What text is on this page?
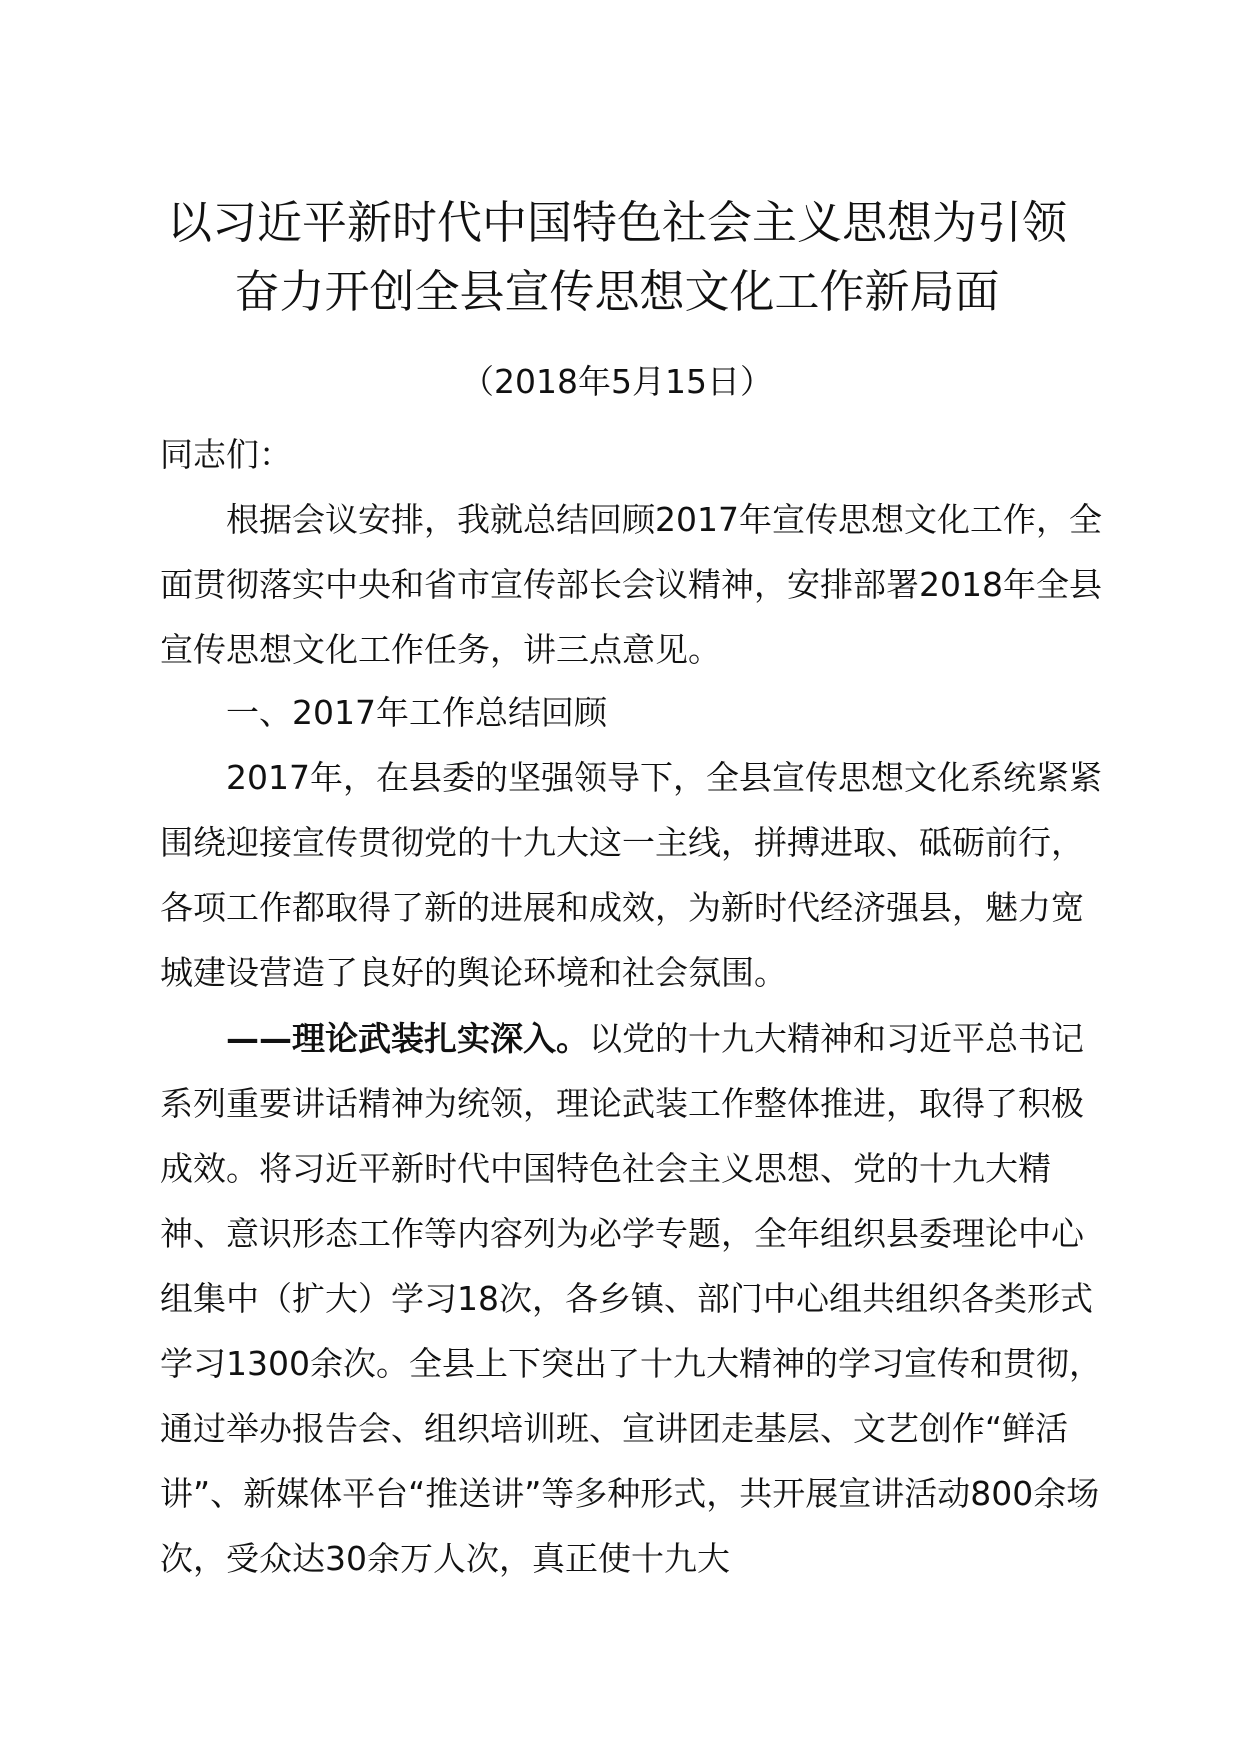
以习近平新时代中国特色社会主义思想为引领
奋力开创全县宣传思想文化工作新局面
（2018年5月15日）

同志们：

根据会议安排，我就总结回顾2017年宣传思想文化工作，全面贯彻落实中央和省市宣传部长会议精神，安排部署2018年全县宣传思想文化工作任务，讲三点意见。

一、2017年工作总结回顾

2017年，在县委的坚强领导下，全县宣传思想文化系统紧紧围绕迎接宣传贯彻党的十九大这一主线，拼搏进取、砥砺前行，各项工作都取得了新的进展和成效，为新时代经济强县，魅力宽城建设营造了良好的舆论环境和社会氛围。

——理论武装扎实深入。以党的十九大精神和习近平总书记系列重要讲话精神为统领，理论武装工作整体推进，取得了积极成效。将习近平新时代中国特色社会主义思想、党的十九大精神、意识形态工作等内容列为必学专题，全年组织县委理论中心组集中（扩大）学习18次，各乡镇、部门中心组共组织各类形式学习1300余次。全县上下突出了十九大精神的学习宣传和贯彻，通过举办报告会、组织培训班、宣讲团走基层、文艺创作“鲜活讲”、新媒体平台“推送讲”等多种形式，共开展宣讲活动800余场次，受众达30余万人次，真正使十九大
